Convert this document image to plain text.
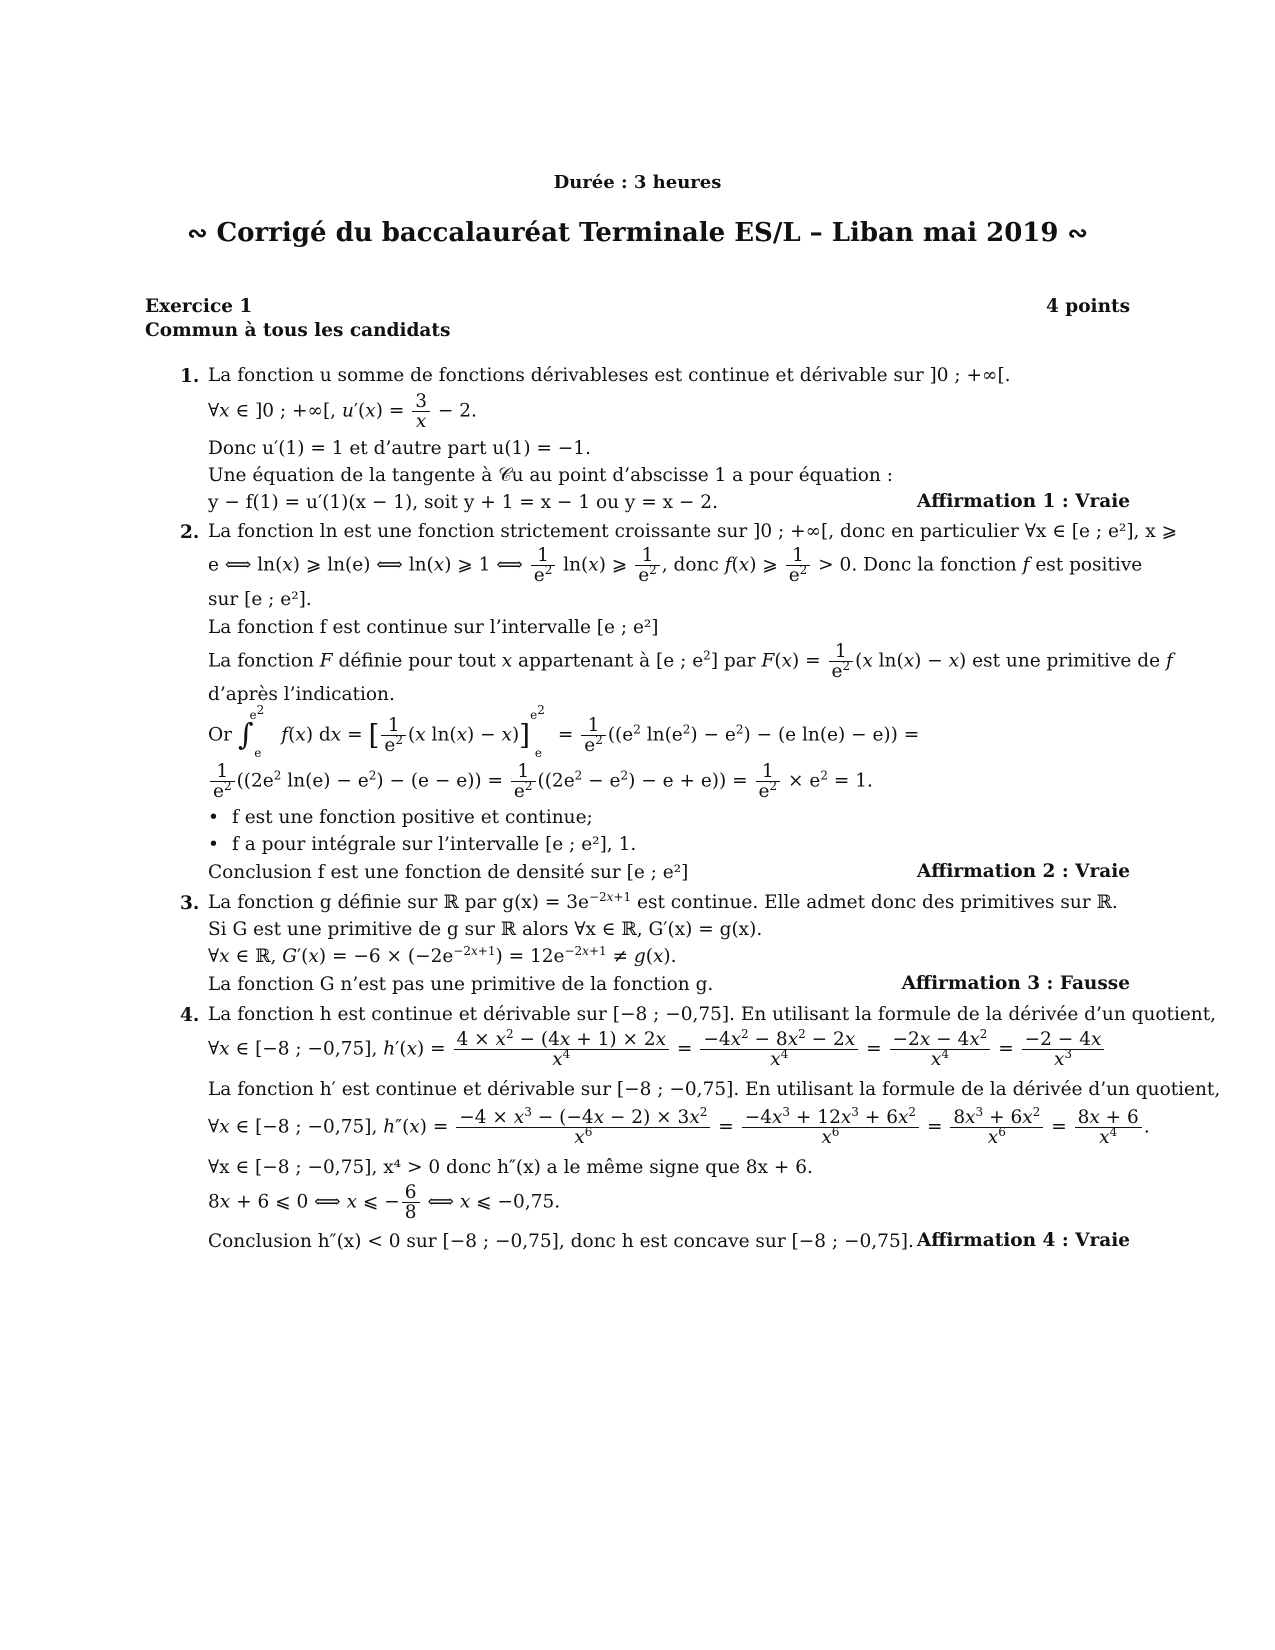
Durée : 3 heures
∾ Corrigé du baccalauréat Terminale ES/L – Liban mai 2019 ∾
Exercice 1	4 points
Commun à tous les candidats
1. La fonction u somme de fonctions dérivableses est continue et dérivable sur ]0 ; +∞[.
∀x ∈ ]0 ; +∞[, $u'(x) = \frac{3}{x} - 2$.
Donc u′(1) = 1 et d’autre part u(1) = −1.
Une équation de la tangente à 𝒞u au point d’abscisse 1 a pour équation :
y − f(1) = u′(1)(x − 1), soit y + 1 = x − 1 ou y = x − 2.	Affirmation 1 : Vraie
2. La fonction ln est une fonction strictement croissante sur ]0 ; +∞[, donc en particulier ∀x ∈ [e ; e²], x ⩾
e ⟺ ln(x) ⩾ ln(e) ⟺ ln(x) ⩾ 1 ⟺ $\frac{1}{e^2} \ln(x)$ ⩾ $\frac{1}{e^2}$ , donc f(x) ⩾ $\frac{1}{e^2} > 0$. Donc la fonction f est positive
sur [e ; e²].
La fonction f est continue sur l’intervalle [e ; e²]
La fonction F définie pour tout x appartenant à [e ; $e^2$] par $F(x) = \frac{1}{e^2} (x$ ln(x) − x) est une primitive de f
d’après l’indication.
Or ∫$^{e^2}_e$ f(x) dx = [ $\frac{1}{e^2} (x$ $\ln(x) - x)]^{e^2}_e = \frac{1}{e^2} ((e^2$ $\ln(e^2) - e^2) - (e$ ln(e) − e)) =
$\frac{1}{e^2} ((2e^2$ $\ln(e) - e^2) - (e - e)) = \frac{1}{e^2} ((2e^2 - e^2) - e + e)) = \frac{1}{e^2} \times e^2 = 1$.
• f est une fonction positive et continue;
• f a pour intégrale sur l’intervalle [e ; e²], 1.
Conclusion f est une fonction de densité sur [e ; e²]	Affirmation 2 : Vraie
3. La fonction g définie sur ℝ par $g(x) = 3e^{-2x+1}$ est continue. Elle admet donc des primitives sur ℝ.
Si G est une primitive de g sur ℝ alors ∀x ∈ ℝ, G′(x) = g(x).
∀x ∈ ℝ, $G'(x) = -6 \times (-2e^{-2x+1}) = 12e^{-2x+1} \ne g(x)$.
La fonction G n’est pas une primitive de la fonction g.	Affirmation 3 : Fausse
4. La fonction h est continue et dérivable sur [−8 ; −0,75]. En utilisant la formule de la dérivée d’un quotient,
∀x ∈ [−8 ; −0,75], $h'(x) = \frac{4 \times x^2 - (4x + 1) \times 2x}{x^4} = \frac{-4x^2 - 8x^2 - 2x}{x^4} = \frac{-2x - 4x^2}{x^4} = \frac{-2 - 4x}{x^3}$
La fonction h′ est continue et dérivable sur [−8 ; −0,75]. En utilisant la formule de la dérivée d’un quotient,
∀x ∈ [−8 ; −0,75], $h''(x) = \frac{-4 \times x^3 - (-4x - 2) \times 3x^2}{x^6} = \frac{-4x^3 + 12x^3 + 6x^2}{x^6} = \frac{8x^3 + 6x^2}{x^6} = \frac{8x + 6}{x^4}$ .
∀x ∈ [−8 ; −0,75], x⁴ > 0 donc h″(x) a le même signe que 8x + 6.
8x + 6 ⩽ 0 ⟺ x ⩽ − $\frac{6}{8}$ ⟺ x ⩽ −0,75.
Conclusion h″(x) < 0 sur [−8 ; −0,75], donc h est concave sur [−8 ; −0,75]. Affirmation 4 : Vraie
